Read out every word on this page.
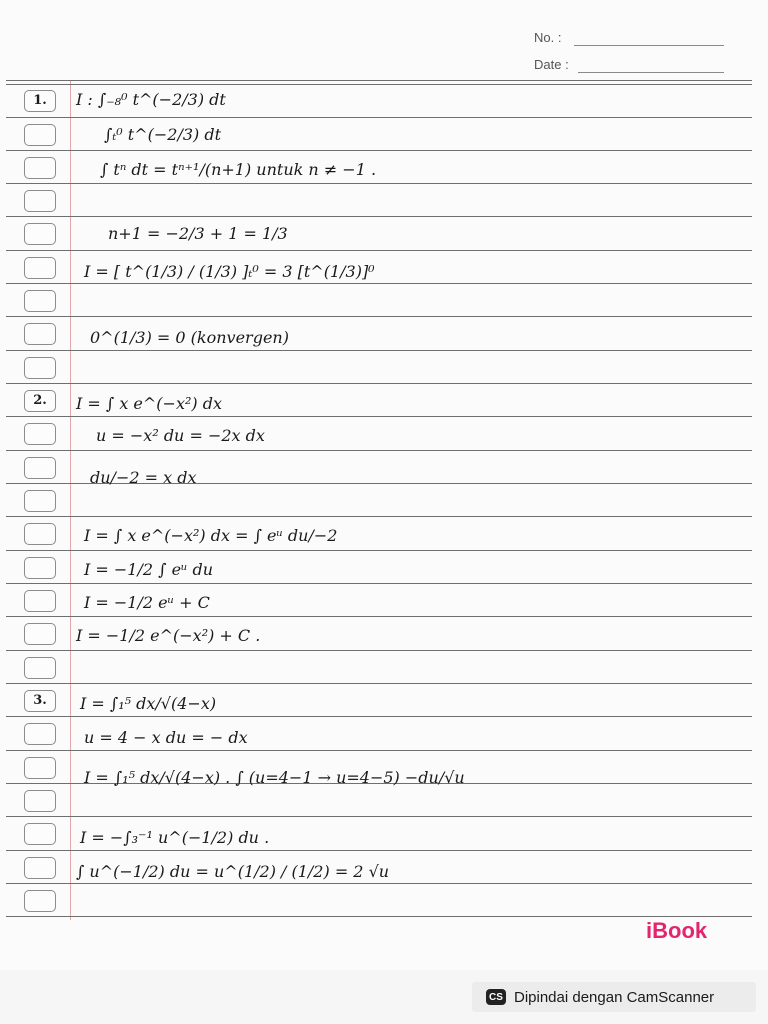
No. :
Date :
1.
2.
3.
I : ∫₋₈⁰ t^(−2/3) dt
∫ₜ⁰ t^(−2/3) dt
∫ tⁿ dt = tⁿ⁺¹/(n+1) untuk n ≠ −1 .
n+1 = −2/3 + 1 = 1/3
I = [ t^(1/3) / (1/3) ]ₜ⁰ = 3 [t^(1/3)]⁰
0^(1/3) = 0 (konvergen)
I = ∫ x e^(−x²) dx
u = −x² du = −2x dx
du/−2 = x dx
I = ∫ x e^(−x²) dx = ∫ eᵘ du/−2
I = −1/2 ∫ eᵘ du
I = −1/2 eᵘ + C
I = −1/2 e^(−x²) + C .
I = ∫₁⁵ dx/√(4−x)
u = 4 − x du = − dx
I = ∫₁⁵ dx/√(4−x) . ∫ (u=4−1 → u=4−5) −du/√u
I = −∫₃⁻¹ u^(−1/2) du .
∫ u^(−1/2) du = u^(1/2) / (1/2) = 2 √u
iBook
CS Dipindai dengan CamScanner
